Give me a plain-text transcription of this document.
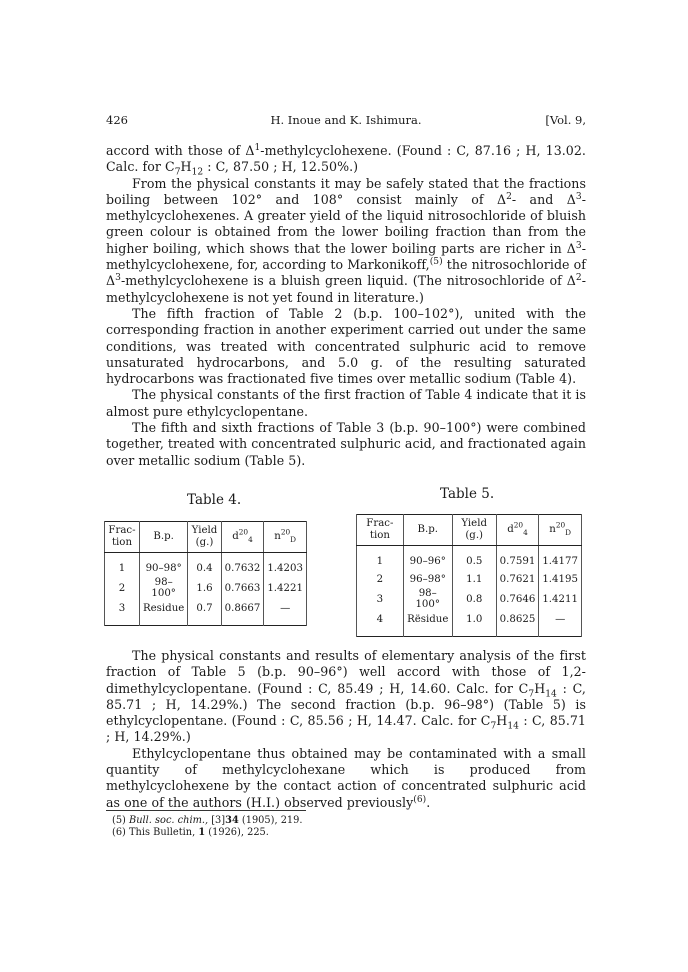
426	H. Inoue and K. Ishimura.	[Vol. 9,

accord with those of $\Delta^1$-methylcyclohexene. (Found : C, 87.16 ; H, 13.02. Calc. for $C_7H_{12}$ : C, 87.50 ; H, 12.50%.)

From the physical constants it may be safely stated that the fractions boiling between 102° and 108° consist mainly of $\Delta^2-$ and $\Delta^3$-methylcyclohexenes. A greater yield of the liquid nitrosochloride of bluish green colour is obtained from the lower boiling fraction than from the higher boiling, which shows that the lower boiling parts are richer in $\Delta^3$-methylcyclohexene, for, according to Markonikoff,$^{(5)}$ the nitrosochloride of $\Delta^3$-methylcyclohexene is a bluish green liquid. (The nitrosochloride of $\Delta^2$-methylcyclohexene is not yet found in literature.)

The fifth fraction of Table 2 (b.p. 100–102°), united with the corresponding fraction in another experiment carried out under the same conditions, was treated with concentrated sulphuric acid to remove unsaturated hydrocarbons, and 5.0 g. of the resulting saturated hydrocarbons was fractionated five times over metallic sodium (Table 4).

The physical constants of the first fraction of Table 4 indicate that it is almost pure ethylcyclopentane.

The fifth and sixth fractions of Table 3 (b.p. 90–100°) were combined together, treated with concentrated sulphuric acid, and fractionated again over metallic sodium (Table 5).

Table 4.	Table 5.
Frac- tion	B.p.	Yield (g.)	$d^{20}_4$	$n^{20}_D$
1	90–98°	0.4	0.7632	1.4203
2	98–100°	1.6	0.7663	1.4221
3	Residue	0.7	0.8667	—
Frac- tion	B.p.	Yield (g.)	$d^{20}_4$	$n^{20}_D$
1	90–96°	0.5	0.7591	1.4177
2	96–98°	1.1	0.7621	1.4195
3	98–100°	0.8	0.7646	1.4211
4	Rësidue	1.0	0.8625	—

The physical constants and results of elementary analysis of the first fraction of Table 5 (b.p. 90–96°) well accord with those of 1,2-dimethylcyclopentane. (Found : C, 85.49 ; H, 14.60. Calc. for $C_7H_{14}$ : C, 85.71 ; H, 14.29%.) The second fraction (b.p. 96–98°) (Table 5) is ethylcyclopentane. (Found : C, 85.56 ; H, 14.47. Calc. for $C_7H_{14}$ : C, 85.71 ; H, 14.29%.)

Ethylcyclopentane thus obtained may be contaminated with a small quantity of methylcyclohexane which is produced from methylcyclohexene by the contact action of concentrated sulphuric acid as one of the authors (H.I.) observed previously$^{(6)}$.

(5) Bull. soc. chim., [3]34 (1905), 219.
(6) This Bulletin, 1 (1926), 225.
